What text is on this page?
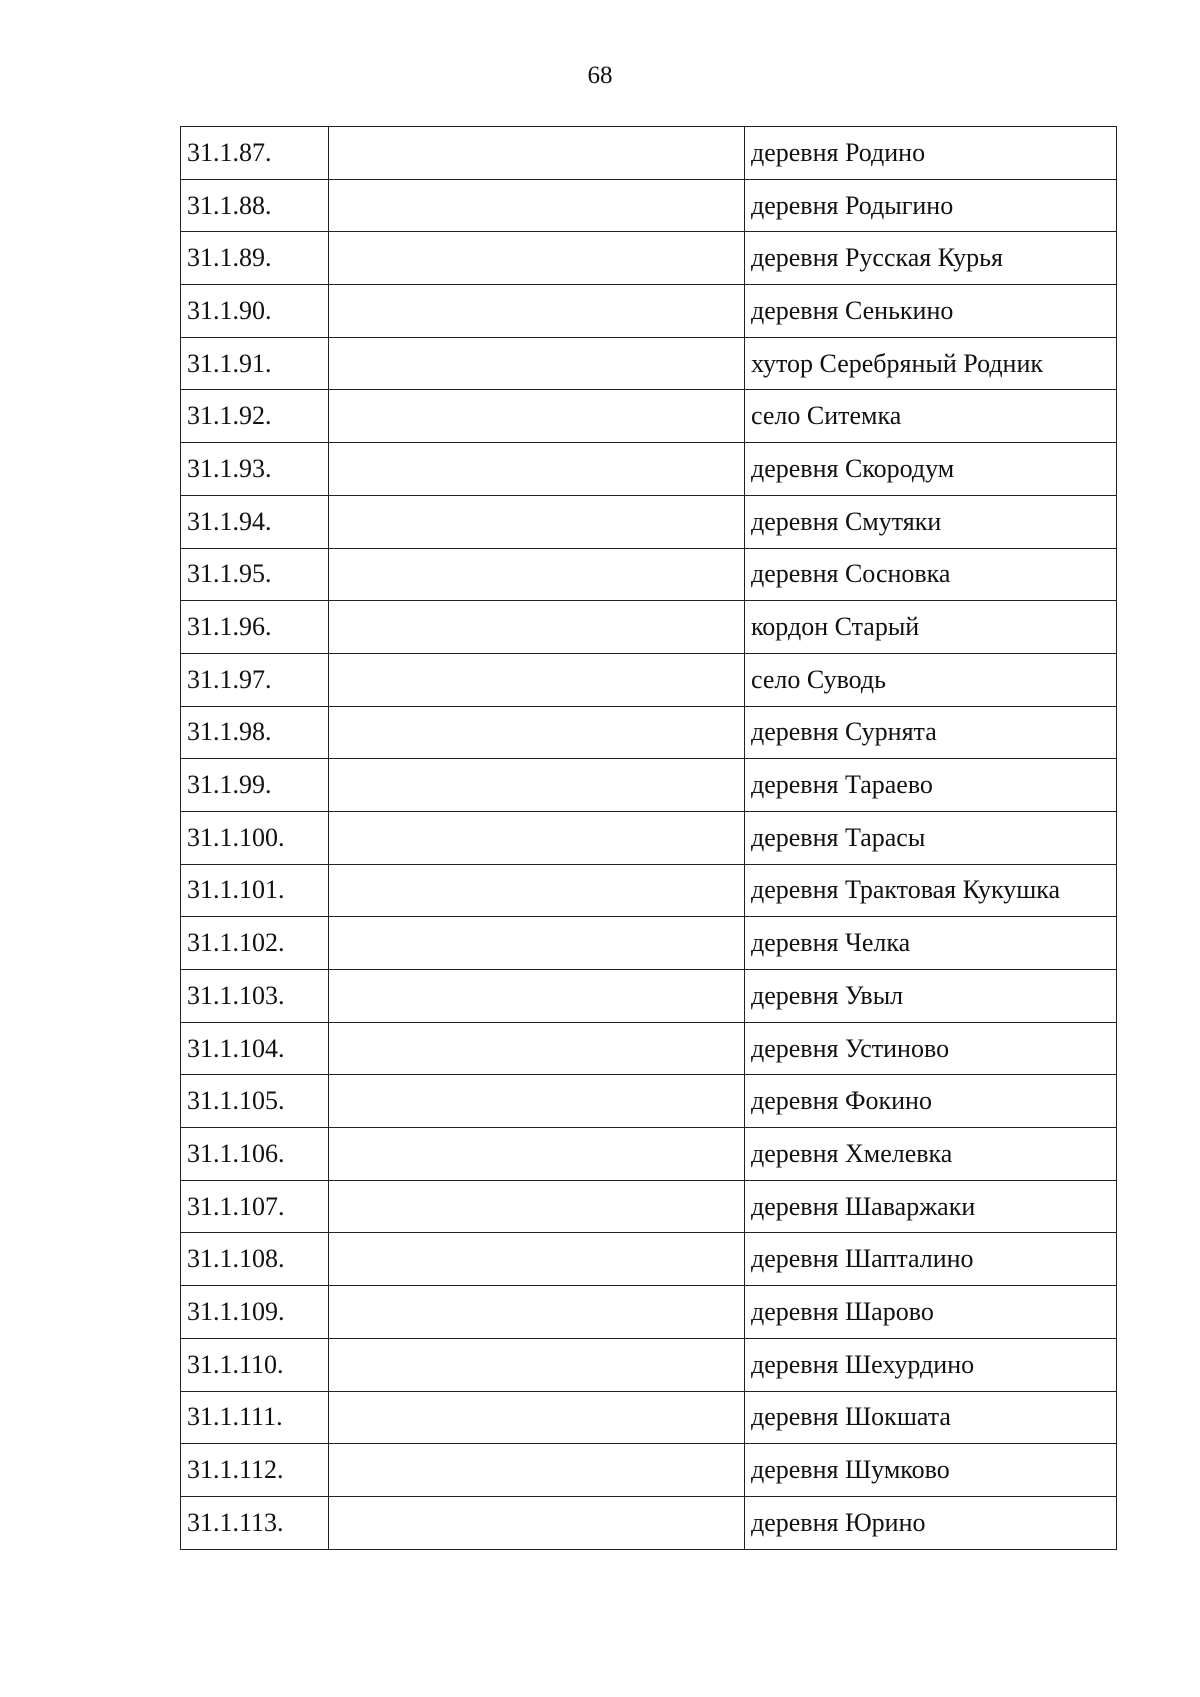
68
31.1.87.		деревня Родино
31.1.88.		деревня Родыгино
31.1.89.		деревня Русская Курья
31.1.90.		деревня Сенькино
31.1.91.		хутор Серебряный Родник
31.1.92.		село Ситемка
31.1.93.		деревня Скородум
31.1.94.		деревня Смутяки
31.1.95.		деревня Сосновка
31.1.96.		кордон Старый
31.1.97.		село Суводь
31.1.98.		деревня Сурнята
31.1.99.		деревня Тараево
31.1.100.		деревня Тарасы
31.1.101.		деревня Трактовая Кукушка
31.1.102.		деревня Челка
31.1.103.		деревня Увыл
31.1.104.		деревня Устиново
31.1.105.		деревня Фокино
31.1.106.		деревня Хмелевка
31.1.107.		деревня Шаваржаки
31.1.108.		деревня Шапталино
31.1.109.		деревня Шарово
31.1.110.		деревня Шехурдино
31.1.111.		деревня Шокшата
31.1.112.		деревня Шумково
31.1.113.		деревня Юрино
